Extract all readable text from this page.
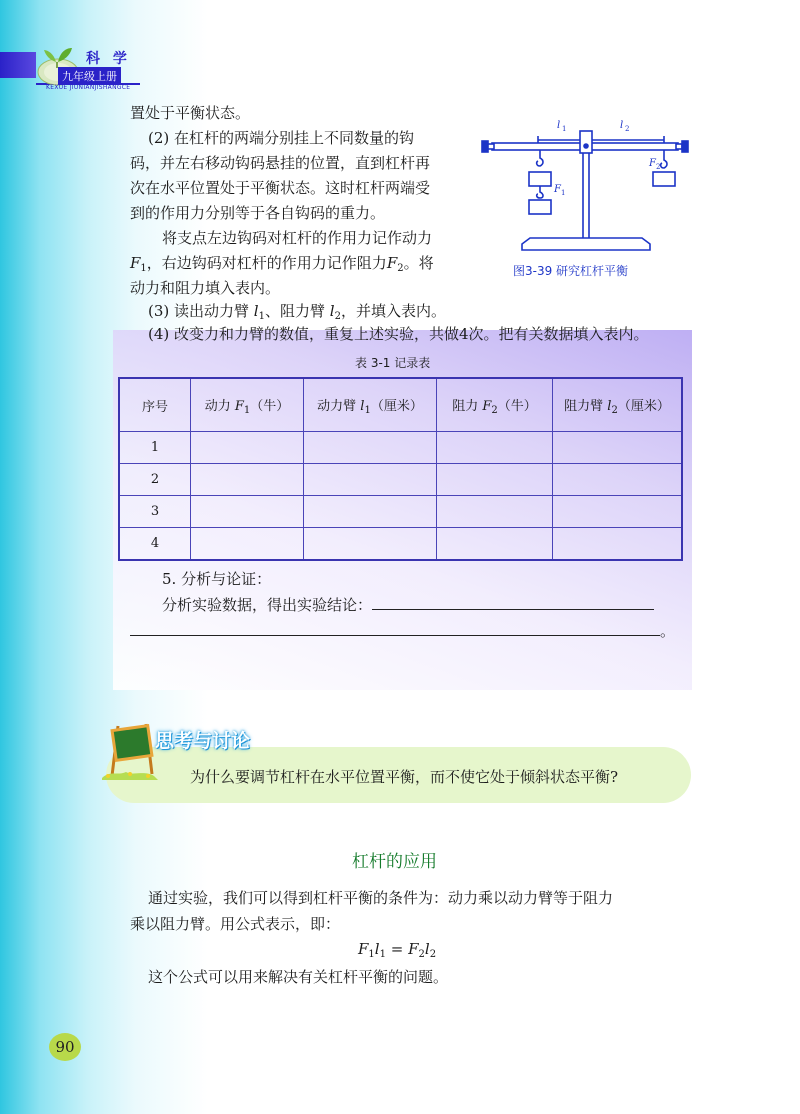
科 学
九年级上册
KEXUE JIUNIANJISHANGCE
置处于平衡状态。
(2) 在杠杆的两端分别挂上不同数量的钩
码，并左右移动钩码悬挂的位置，直到杠杆再
次在水平位置处于平衡状态。这时杠杆两端受
到的作用力分别等于各自钩码的重力。
将支点左边钩码对杠杆的作用力记作动力
$F_1$，右边钩码对杠杆的作用力记作阻力$F_2$。将
动力和阻力填入表内。
(3) 读出动力臂 $l_1$、阻力臂 $l_2$，并填入表内。
(4) 改变力和力臂的数值，重复上述实验，共做4次。把有关数据填入表内。
l 1	l 2
F 1
F 2
图3-39 研究杠杆平衡
表 3-1 记录表
序号	动力 $F_1$（牛）	动力臂 $l_1$（厘米）	阻力 $F_2$（牛）	阻力臂 $l_2$（厘米）
1				
2				
3				
4				
5. 分析与论证：
分析实验数据，得出实验结论：
。
思考与讨论
为什么要调节杠杆在水平位置平衡，而不使它处于倾斜状态平衡?
杠杆的应用
通过实验，我们可以得到杠杆平衡的条件为：动力乘以动力臂等于阻力
乘以阻力臂。用公式表示，即：
$F_1l_1 = F_2l_2$
这个公式可以用来解决有关杠杆平衡的问题。
90
